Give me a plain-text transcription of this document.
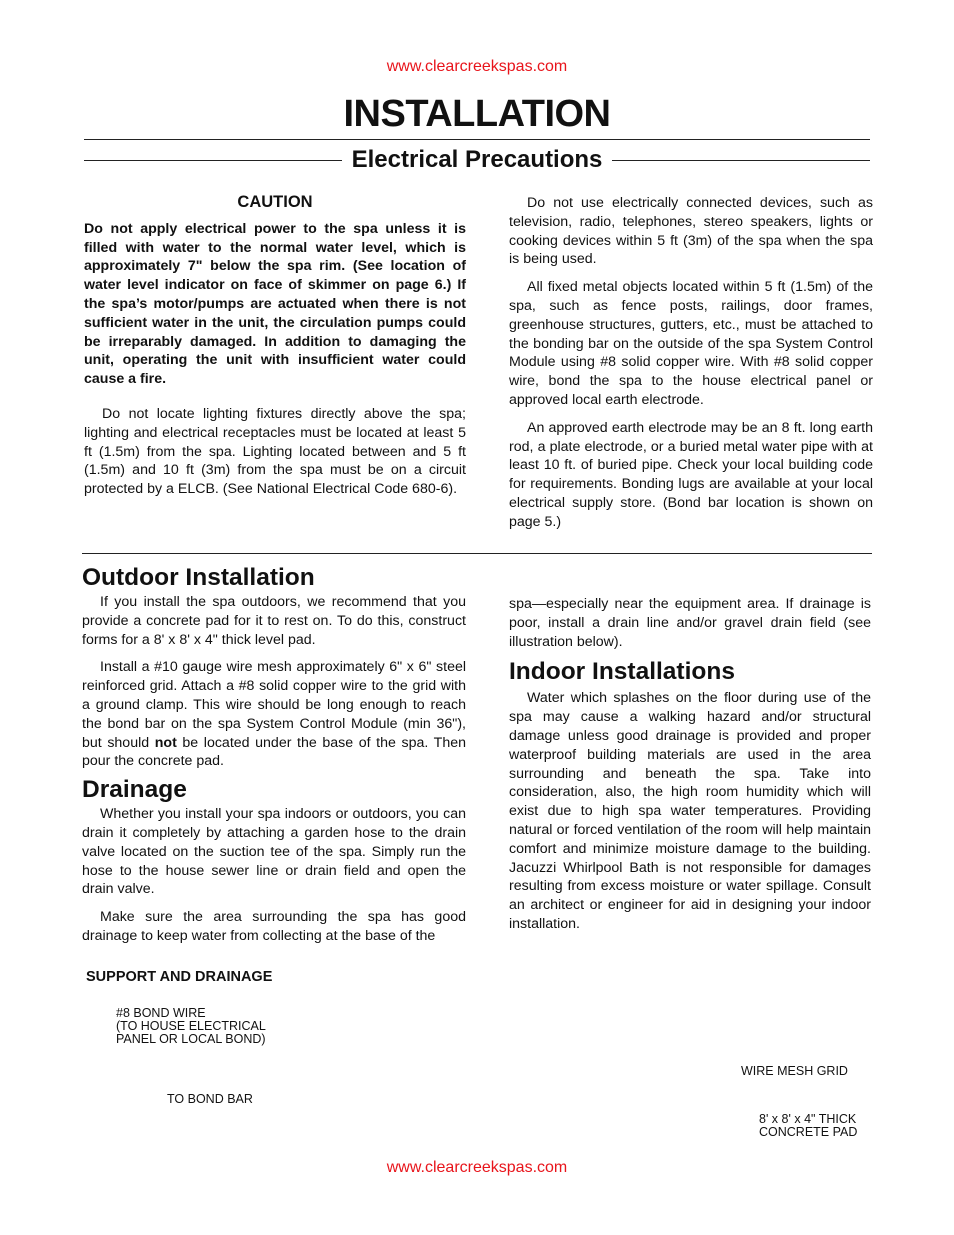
www.clearcreekspas.com
INSTALLATION
Electrical Precautions
CAUTION

Do not apply electrical power to the spa unless it is filled with water to the normal water level, which is approximately 7" below the spa rim. (See location of water level indicator on face of skimmer on page 6.) If the spa’s motor/pumps are actuated when there is not sufficient water in the unit, the circulation pumps could be irreparably damaged. In addition to damaging the unit, operating the unit with insufficient water could cause a fire.

Do not locate lighting fixtures directly above the spa; lighting and electrical receptacles must be located at least 5 ft (1.5m) from the spa. Lighting located between and 5 ft (1.5m) and 10 ft (3m) from the spa must be on a circuit protected by a ELCB. (See National Electrical Code 680-6).

Do not use electrically connected devices, such as television, radio, telephones, stereo speakers, lights or cooking devices within 5 ft (3m) of the spa when the spa is being used.

All fixed metal objects located within 5 ft (1.5m) of the spa, such as fence posts, railings, door frames, greenhouse structures, gutters, etc., must be attached to the bonding bar on the outside of the spa System Control Module using #8 solid copper wire. With #8 solid copper wire, bond the spa to the house electrical panel or approved local earth electrode.

An approved earth electrode may be an 8 ft. long earth rod, a plate electrode, or a buried metal water pipe with at least 10 ft. of buried pipe. Check your local building code for requirements. Bonding lugs are available at your local electrical supply store. (Bond bar location is shown on page 5.)

Outdoor Installation

If you install the spa outdoors, we recommend that you provide a concrete pad for it to rest on. To do this, construct forms for a 8' x 8' x 4" thick level pad.

Install a #10 gauge wire mesh approximately 6" x 6" steel reinforced grid. Attach a #8 solid copper wire to the grid with a ground clamp. This wire should be long enough to reach the bond bar on the spa System Control Module (min 36"), but should not be located under the base of the spa. Then pour the concrete pad.

Drainage

Whether you install your spa indoors or outdoors, you can drain it completely by attaching a garden hose to the drain valve located on the suction tee of the spa. Simply run the hose to the house sewer line or drain field and open the drain valve.

Make sure the area surrounding the spa has good drainage to keep water from collecting at the base of the

spa—especially near the equipment area. If drainage is poor, install a drain line and/or gravel drain field (see illustration below).

Indoor Installations

Water which splashes on the floor during use of the spa may cause a walking hazard and/or structural damage unless good drainage is provided and proper waterproof building materials are used in the area surrounding and beneath the spa. Take into consideration, also, the high room humidity which will exist due to high spa water temperatures. Providing natural or forced ventilation of the room will help maintain comfort and minimize moisture damage to the building. Jacuzzi Whirlpool Bath is not responsible for damages resulting from excess moisture or water spillage. Consult an architect or engineer for aid in designing your indoor installation.

SUPPORT AND DRAINAGE
#8 BOND WIRE
(TO HOUSE ELECTRICAL
PANEL OR LOCAL BOND)
TO BOND BAR
WIRE MESH GRID
8' x 8' x 4" THICK
CONCRETE PAD
www.clearcreekspas.com
